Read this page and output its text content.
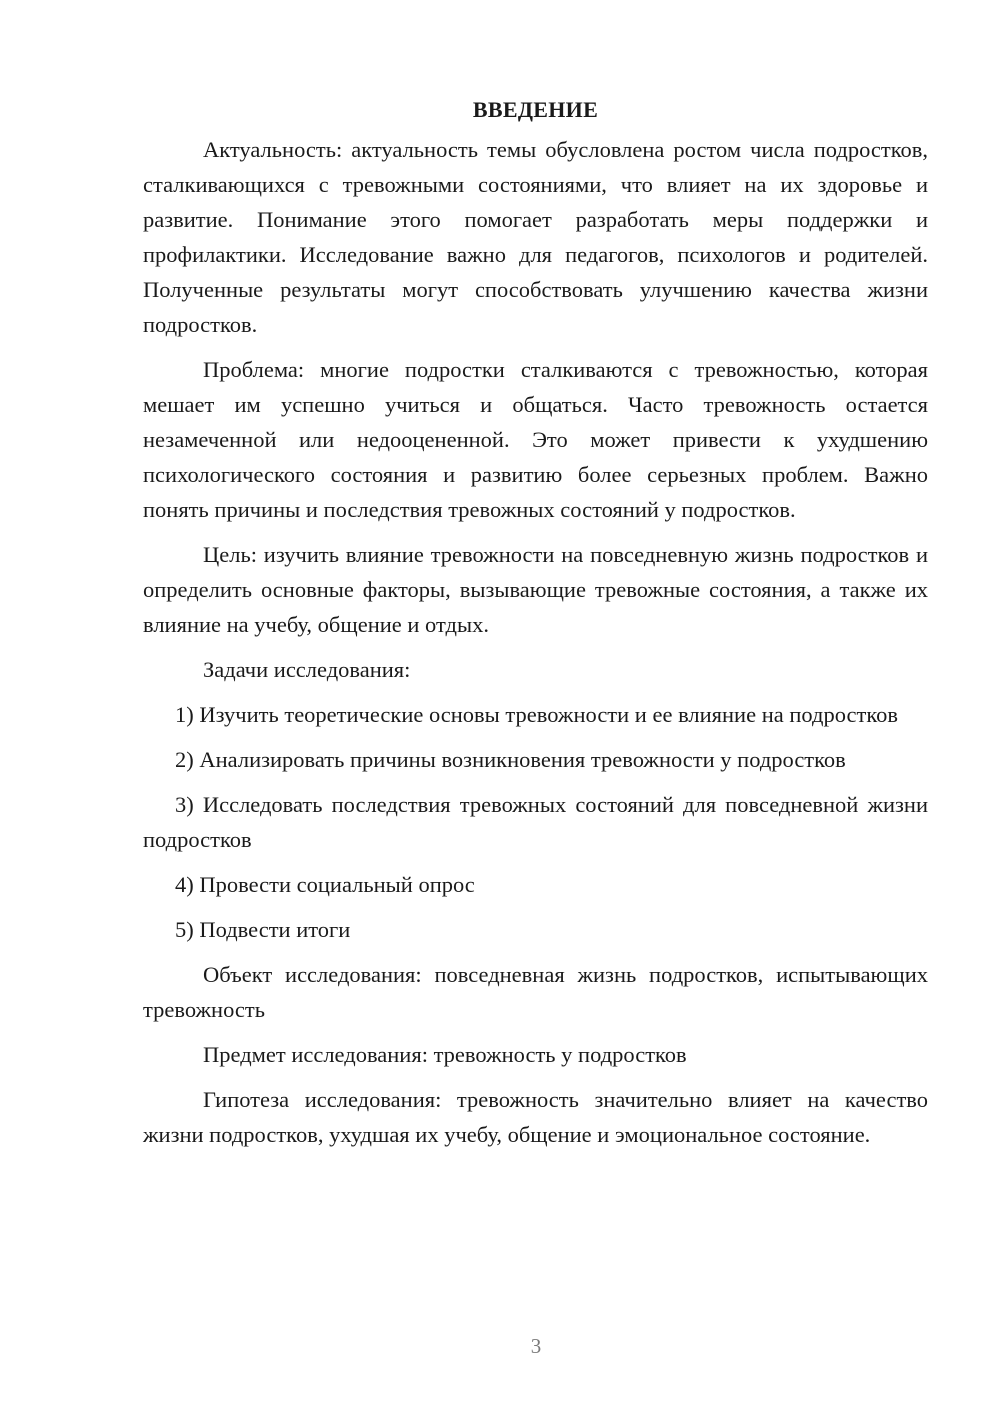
ВВЕДЕНИЕ

Актуальность: актуальность темы обусловлена ростом числа подростков, сталкивающихся с тревожными состояниями, что влияет на их здоровье и развитие. Понимание этого помогает разработать меры поддержки и профилактики. Исследование важно для педагогов, психологов и родителей. Полученные результаты могут способствовать улучшению качества жизни подростков.

Проблема: многие подростки сталкиваются с тревожностью, которая мешает им успешно учиться и общаться. Часто тревожность остается незамеченной или недооцененной. Это может привести к ухудшению психологического состояния и развитию более серьезных проблем. Важно понять причины и последствия тревожных состояний у подростков.

Цель: изучить влияние тревожности на повседневную жизнь подростков и определить основные факторы, вызывающие тревожные состояния, а также их влияние на учебу, общение и отдых.

Задачи исследования:

1) Изучить теоретические основы тревожности и ее влияние на подростков

2) Анализировать причины возникновения тревожности у подростков

3) Исследовать последствия тревожных состояний для повседневной жизни подростков

4) Провести социальный опрос

5) Подвести итоги

Объект исследования: повседневная жизнь подростков, испытывающих тревожность

Предмет исследования: тревожность у подростков

Гипотеза исследования: тревожность значительно влияет на качество жизни подростков, ухудшая их учебу, общение и эмоциональное состояние.

3
